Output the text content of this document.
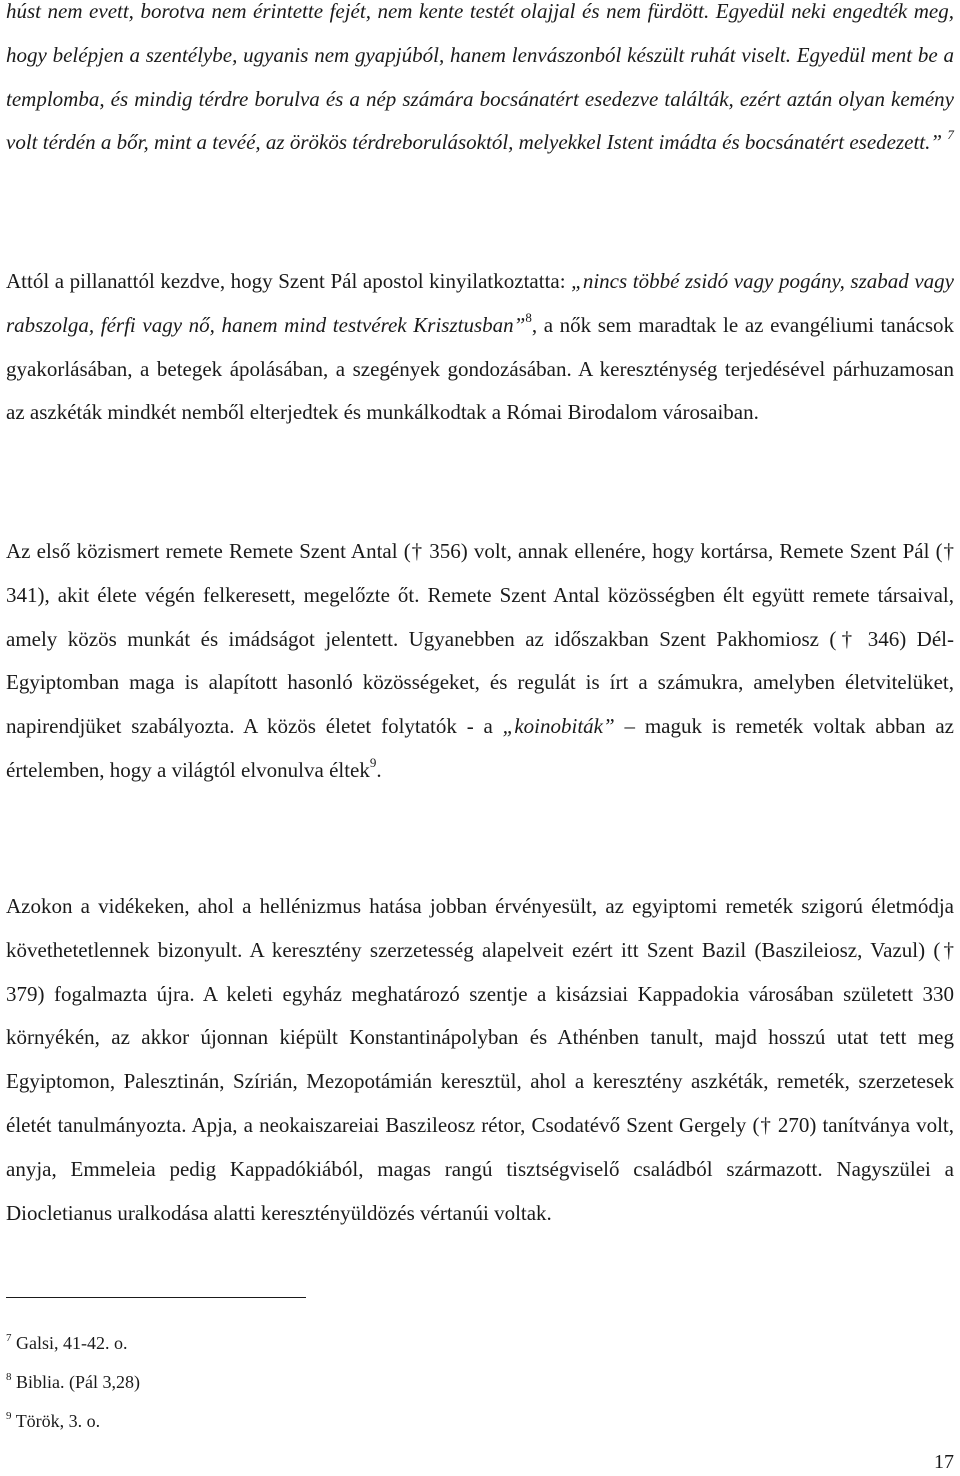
húst nem evett, borotva nem érintette fejét, nem kente testét olajjal és nem fürdött. Egyedül neki engedték meg, hogy belépjen a szentélybe, ugyanis nem gyapjúból, hanem lenvászonból készült ruhát viselt. Egyedül ment be a templomba, és mindig térdre borulva és a nép számára bocsánatért esedezve találták, ezért aztán olyan kemény volt térdén a bőr, mint a tevéé, az örökös térdreborulásoktól, melyekkel Istent imádta és bocsánatért esedezett.” $^7$

Attól a pillanattól kezdve, hogy Szent Pál apostol kinyilatkoztatta: „nincs többé zsidó vagy pogány, szabad vagy rabszolga, férfi vagy nő, hanem mind testvérek Krisztusban”$^8$, a nők sem maradtak le az evangéliumi tanácsok gyakorlásában, a betegek ápolásában, a szegények gondozásában. A kereszténység terjedésével párhuzamosan az aszkéták mindkét nemből elterjedtek és munkálkodtak a Római Birodalom városaiban.

Az első közismert remete Remete Szent Antal († 356) volt, annak ellenére, hogy kortársa, Remete Szent Pál († 341), akit élete végén felkeresett, megelőzte őt. Remete Szent Antal közösségben élt együtt remete társaival, amely közös munkát és imádságot jelentett. Ugyanebben az időszakban Szent Pakhomiosz († 346) Dél-Egyiptomban maga is alapított hasonló közösségeket, és regulát is írt a számukra, amelyben életvitelüket, napirendjüket szabályozta. A közös életet folytatók - a „koinobiták” – maguk is remeték voltak abban az értelemben, hogy a világtól elvonulva éltek$^9$.

Azokon a vidékeken, ahol a hellénizmus hatása jobban érvényesült, az egyiptomi remeték szigorú életmódja követhetetlennek bizonyult. A keresztény szerzetesség alapelveit ezért itt Szent Bazil (Baszileiosz, Vazul) († 379) fogalmazta újra. A keleti egyház meghatározó szentje a kisázsiai Kappadokia városában született 330 környékén, az akkor újonnan kiépült Konstantinápolyban és Athénben tanult, majd hosszú utat tett meg Egyiptomon, Palesztinán, Szírián, Mezopotámián keresztül, ahol a keresztény aszkéták, remeték, szerzetesek életét tanulmányozta. Apja, a neokaiszareiai Baszileosz rétor, Csodatévő Szent Gergely († 270) tanítványa volt, anyja, Emmeleia pedig Kappadókiából, magas rangú tisztségviselő családból származott. Nagyszülei a Diocletianus uralkodása alatti keresztényüldözés vértanúi voltak.

$^7$ Galsi, 41-42. o.

$^8$ Biblia. (Pál 3,28)

$^9$ Török, 3. o.

17
